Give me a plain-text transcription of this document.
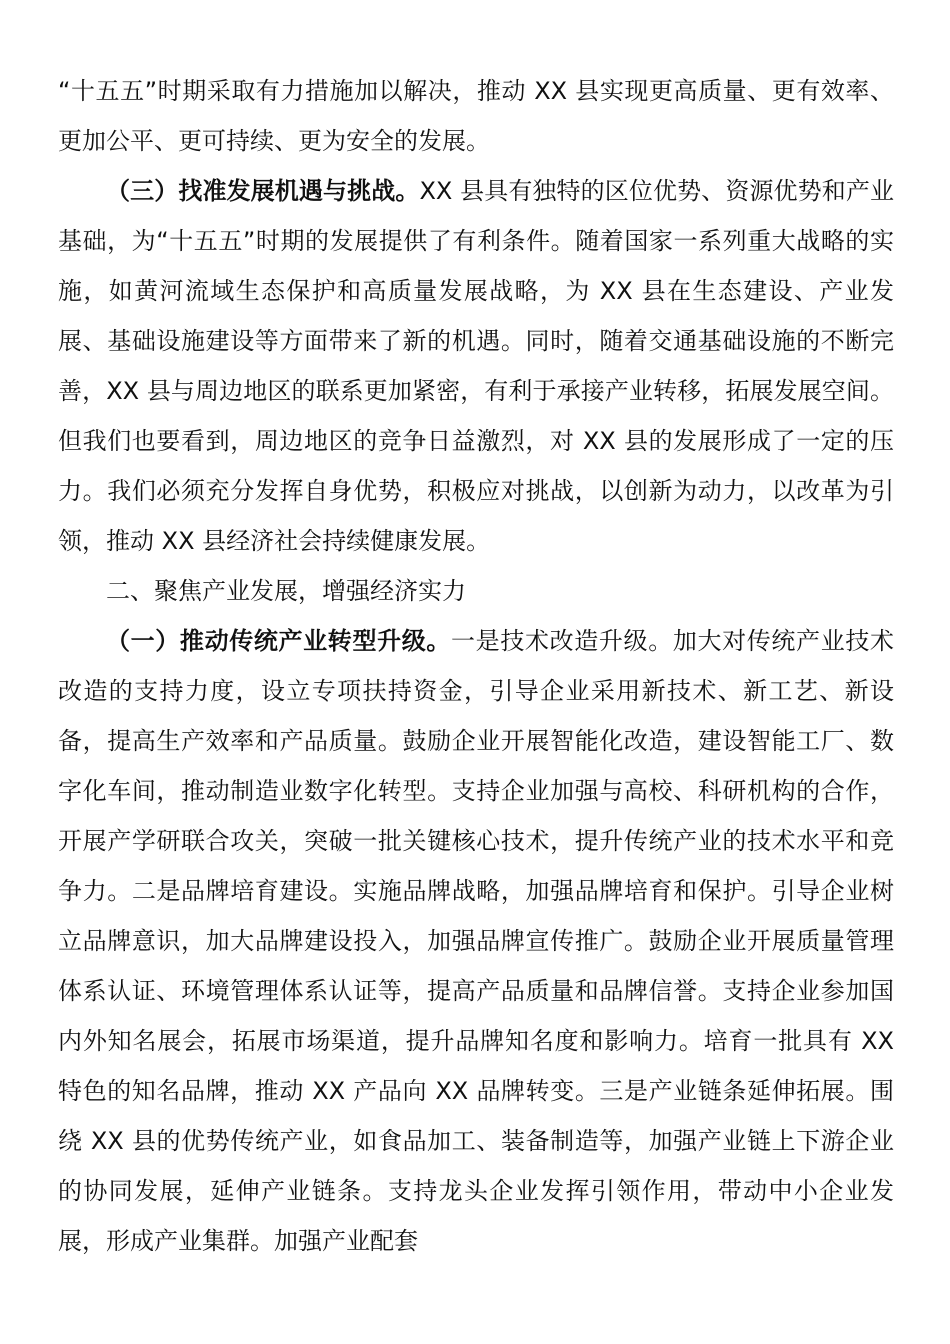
“十五五”时期采取有力措施加以解决，推动 XX 县实现更高质量、更有效率、更加公平、更可持续、更为安全的发展。

（三）找准发展机遇与挑战。XX 县具有独特的区位优势、资源优势和产业基础，为“十五五”时期的发展提供了有利条件。随着国家一系列重大战略的实施，如黄河流域生态保护和高质量发展战略，为 XX 县在生态建设、产业发展、基础设施建设等方面带来了新的机遇。同时，随着交通基础设施的不断完善，XX 县与周边地区的联系更加紧密，有利于承接产业转移，拓展发展空间。但我们也要看到，周边地区的竞争日益激烈，对 XX 县的发展形成了一定的压力。我们必须充分发挥自身优势，积极应对挑战，以创新为动力，以改革为引领，推动 XX 县经济社会持续健康发展。

二、聚焦产业发展，增强经济实力

（一）推动传统产业转型升级。一是技术改造升级。加大对传统产业技术改造的支持力度，设立专项扶持资金，引导企业采用新技术、新工艺、新设备，提高生产效率和产品质量。鼓励企业开展智能化改造，建设智能工厂、数字化车间，推动制造业数字化转型。支持企业加强与高校、科研机构的合作，开展产学研联合攻关，突破一批关键核心技术，提升传统产业的技术水平和竞争力。二是品牌培育建设。实施品牌战略，加强品牌培育和保护。引导企业树立品牌意识，加大品牌建设投入，加强品牌宣传推广。鼓励企业开展质量管理体系认证、环境管理体系认证等，提高产品质量和品牌信誉。支持企业参加国内外知名展会，拓展市场渠道，提升品牌知名度和影响力。培育一批具有 XX 特色的知名品牌，推动 XX 产品向 XX 品牌转变。三是产业链条延伸拓展。围绕 XX 县的优势传统产业，如食品加工、装备制造等，加强产业链上下游企业的协同发展，延伸产业链条。支持龙头企业发挥引领作用，带动中小企业发展，形成产业集群。加强产业配套
